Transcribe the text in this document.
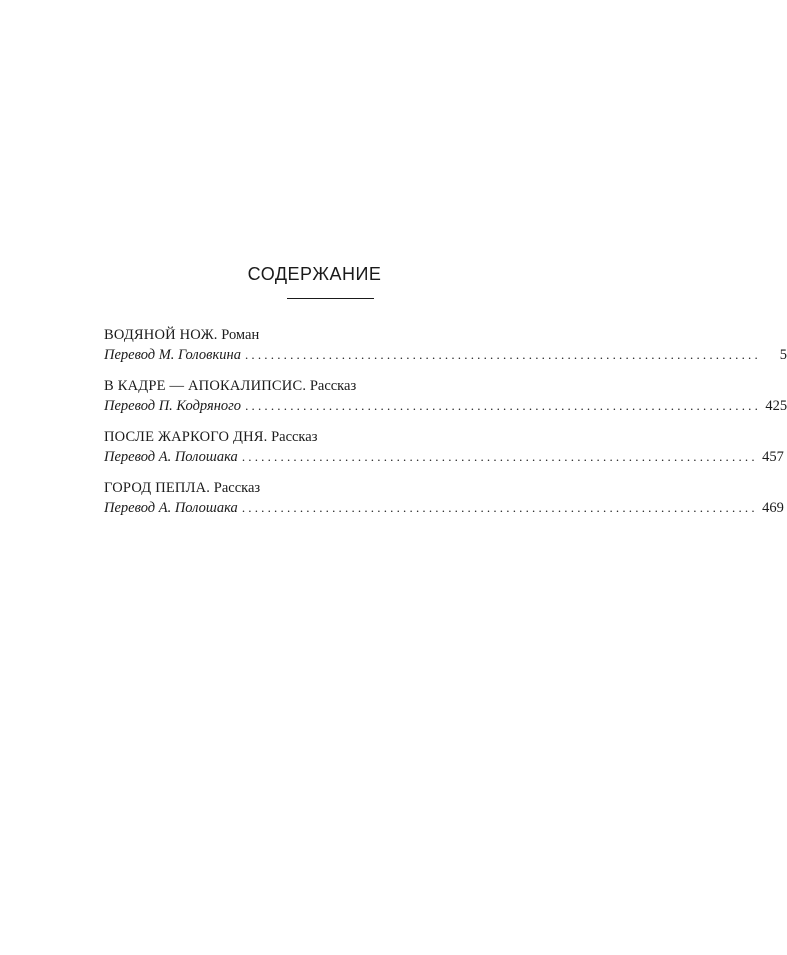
СОДЕРЖАНИЕ
ВОДЯНОЙ НОЖ. Роман
Перевод М. Головкина ................................................................................	5
В КАДРЕ — АПОКАЛИПСИС. Рассказ
Перевод П. Кодряного ................................................................................ 425
ПОСЛЕ ЖАРКОГО ДНЯ. Рассказ
Перевод А. Полошака ................................................................................ 457
ГОРОД ПЕПЛА. Рассказ
Перевод А. Полошака ................................................................................ 469
